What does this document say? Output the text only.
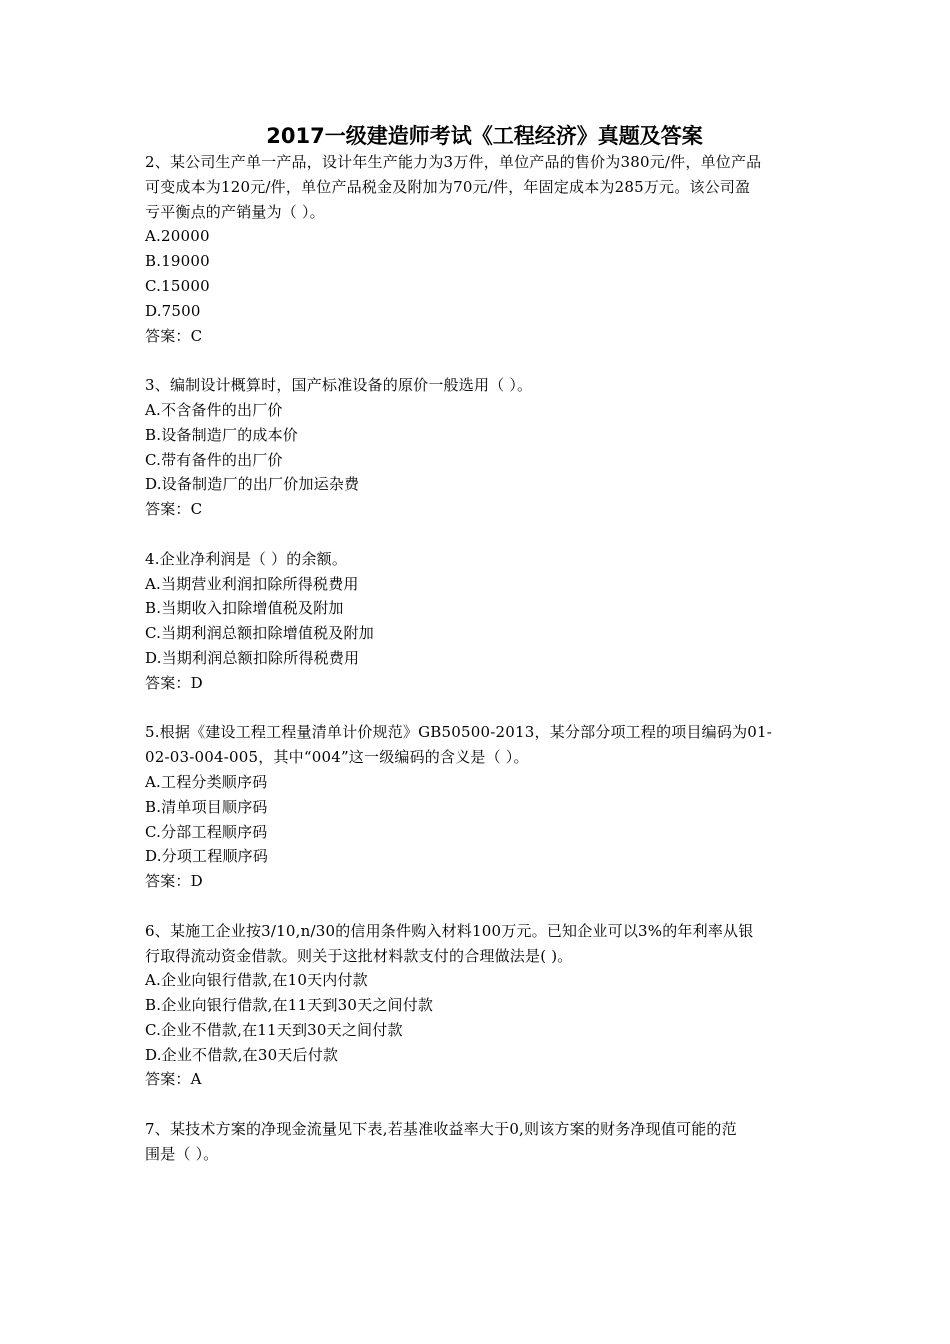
2017一级建造师考试《工程经济》真题及答案
2、某公司生产单一产品，设计年生产能力为3万件，单位产品的售价为380元/件，单位产品
可变成本为120元/件，单位产品税金及附加为70元/件，年固定成本为285万元。该公司盈
亏平衡点的产销量为（ ）。
A.20000
B.19000
C.15000
D.7500
答案：C
3、编制设计概算时，国产标准设备的原价一般选用（ ）。
A.不含备件的出厂价
B.设备制造厂的成本价
C.带有备件的出厂价
D.设备制造厂的出厂价加运杂费
答案：C
4.企业净利润是（ ）的余额。
A.当期营业利润扣除所得税费用
B.当期收入扣除增值税及附加
C.当期利润总额扣除增值税及附加
D.当期利润总额扣除所得税费用
答案：D
5.根据《建设工程工程量清单计价规范》GB50500-2013，某分部分项工程的项目编码为01-
02-03-004-005，其中“004”这一级编码的含义是（ ）。
A.工程分类顺序码
B.清单项目顺序码
C.分部工程顺序码
D.分项工程顺序码
答案：D
6、某施工企业按3/10,n/30的信用条件购入材料100万元。已知企业可以3%的年利率从银
行取得流动资金借款。则关于这批材料款支付的合理做法是( )。
A.企业向银行借款,在10天内付款
B.企业向银行借款,在11天到30天之间付款
C.企业不借款,在11天到30天之间付款
D.企业不借款,在30天后付款
答案：A
7、某技术方案的净现金流量见下表,若基准收益率大于0,则该方案的财务净现值可能的范
围是（ ）。
